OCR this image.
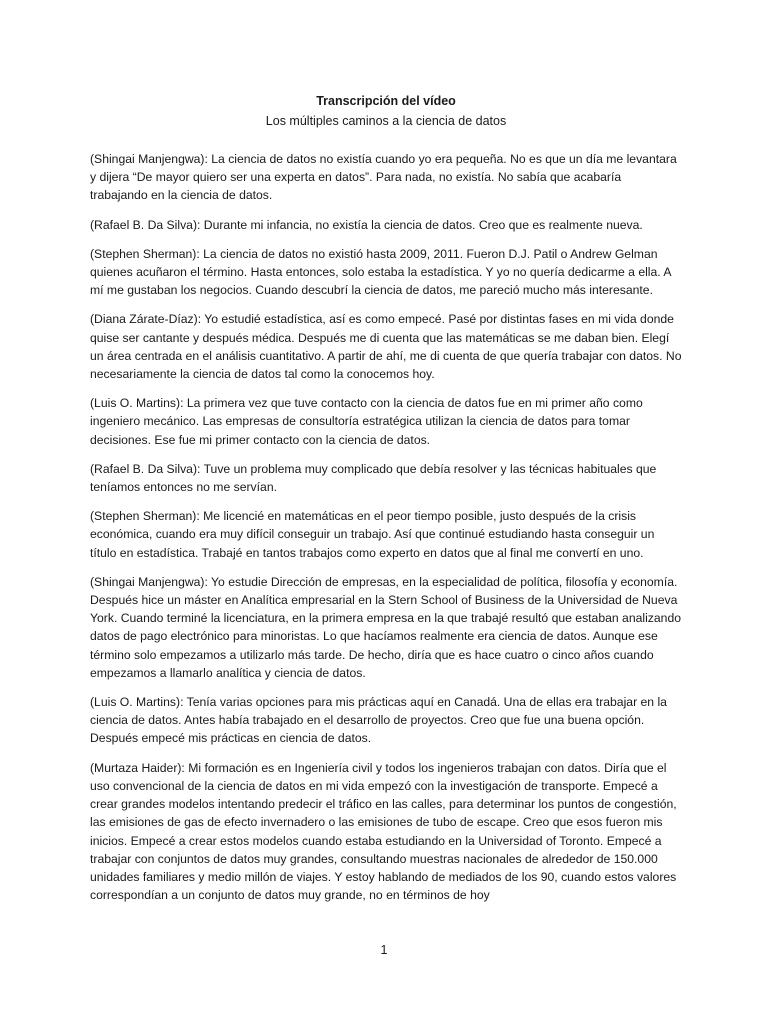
Transcripción del vídeo

Los múltiples caminos a la ciencia de datos

(Shingai Manjengwa): La ciencia de datos no existía cuando yo era pequeña. No es que un día me levantara y dijera “De mayor quiero ser una experta en datos”. Para nada, no existía. No sabía que acabaría trabajando en la ciencia de datos.

(Rafael B. Da Silva): Durante mi infancia, no existía la ciencia de datos. Creo que es realmente nueva.

(Stephen Sherman): La ciencia de datos no existió hasta 2009, 2011. Fueron D.J. Patil o Andrew Gelman quienes acuñaron el término. Hasta entonces, solo estaba la estadística. Y yo no quería dedicarme a ella. A mí me gustaban los negocios. Cuando descubrí la ciencia de datos, me pareció mucho más interesante.

(Diana Zárate-Díaz): Yo estudié estadística, así es como empecé. Pasé por distintas fases en mi vida donde quise ser cantante y después médica. Después me di cuenta que las matemáticas se me daban bien. Elegí un área centrada en el análisis cuantitativo. A partir de ahí, me di cuenta de que quería trabajar con datos. No necesariamente la ciencia de datos tal como la conocemos hoy.

(Luis O. Martins): La primera vez que tuve contacto con la ciencia de datos fue en mi primer año como ingeniero mecánico. Las empresas de consultoría estratégica utilizan la ciencia de datos para tomar decisiones. Ese fue mi primer contacto con la ciencia de datos.

(Rafael B. Da Silva): Tuve un problema muy complicado que debía resolver y las técnicas habituales que teníamos entonces no me servían.

(Stephen Sherman): Me licencié en matemáticas en el peor tiempo posible, justo después de la crisis económica, cuando era muy difícil conseguir un trabajo. Así que continué estudiando hasta conseguir un título en estadística. Trabajé en tantos trabajos como experto en datos que al final me convertí en uno.

(Shingai Manjengwa): Yo estudie Dirección de empresas, en la especialidad de política, filosofía y economía. Después hice un máster en Analítica empresarial en la Stern School of Business de la Universidad de Nueva York. Cuando terminé la licenciatura, en la primera empresa en la que trabajé resultó que estaban analizando datos de pago electrónico para minoristas. Lo que hacíamos realmente era ciencia de datos. Aunque ese término solo empezamos a utilizarlo más tarde. De hecho, diría que es hace cuatro o cinco años cuando empezamos a llamarlo analítica y ciencia de datos.

(Luis O. Martins): Tenía varias opciones para mis prácticas aquí en Canadá. Una de ellas era trabajar en la ciencia de datos. Antes había trabajado en el desarrollo de proyectos. Creo que fue una buena opción. Después empecé mis prácticas en ciencia de datos.

(Murtaza Haider): Mi formación es en Ingeniería civil y todos los ingenieros trabajan con datos. Diría que el uso convencional de la ciencia de datos en mi vida empezó con la investigación de transporte. Empecé a crear grandes modelos intentando predecir el tráfico en las calles, para determinar los puntos de congestión, las emisiones de gas de efecto invernadero o las emisiones de tubo de escape. Creo que esos fueron mis inicios. Empecé a crear estos modelos cuando estaba estudiando en la Universidad of Toronto. Empecé a trabajar con conjuntos de datos muy grandes, consultando muestras nacionales de alrededor de 150.000 unidades familiares y medio millón de viajes. Y estoy hablando de mediados de los 90, cuando estos valores correspondían a un conjunto de datos muy grande, no en términos de hoy

1
